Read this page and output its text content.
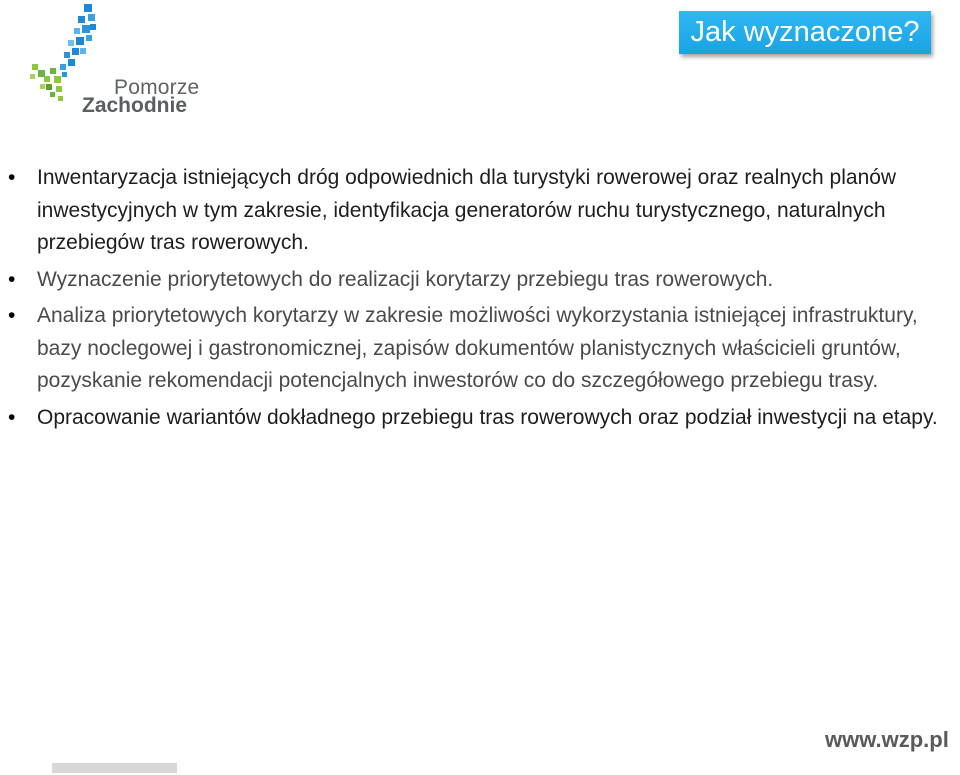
Pomorze
Zachodnie
Jak wyznaczone?
• Inwentaryzacja istniejących dróg odpowiednich dla turystyki rowerowej oraz realnych planów inwestycyjnych w tym zakresie, identyfikacja generatorów ruchu turystycznego, naturalnych przebiegów tras rowerowych.
• Wyznaczenie priorytetowych do realizacji korytarzy przebiegu tras rowerowych.
• Analiza priorytetowych korytarzy w zakresie możliwości wykorzystania istniejącej infrastruktury, bazy noclegowej i gastronomicznej, zapisów dokumentów planistycznych właścicieli gruntów, pozyskanie rekomendacji potencjalnych inwestorów co do szczegółowego przebiegu trasy.
• Opracowanie wariantów dokładnego przebiegu tras rowerowych oraz podział inwestycji na etapy.
www.wzp.pl
